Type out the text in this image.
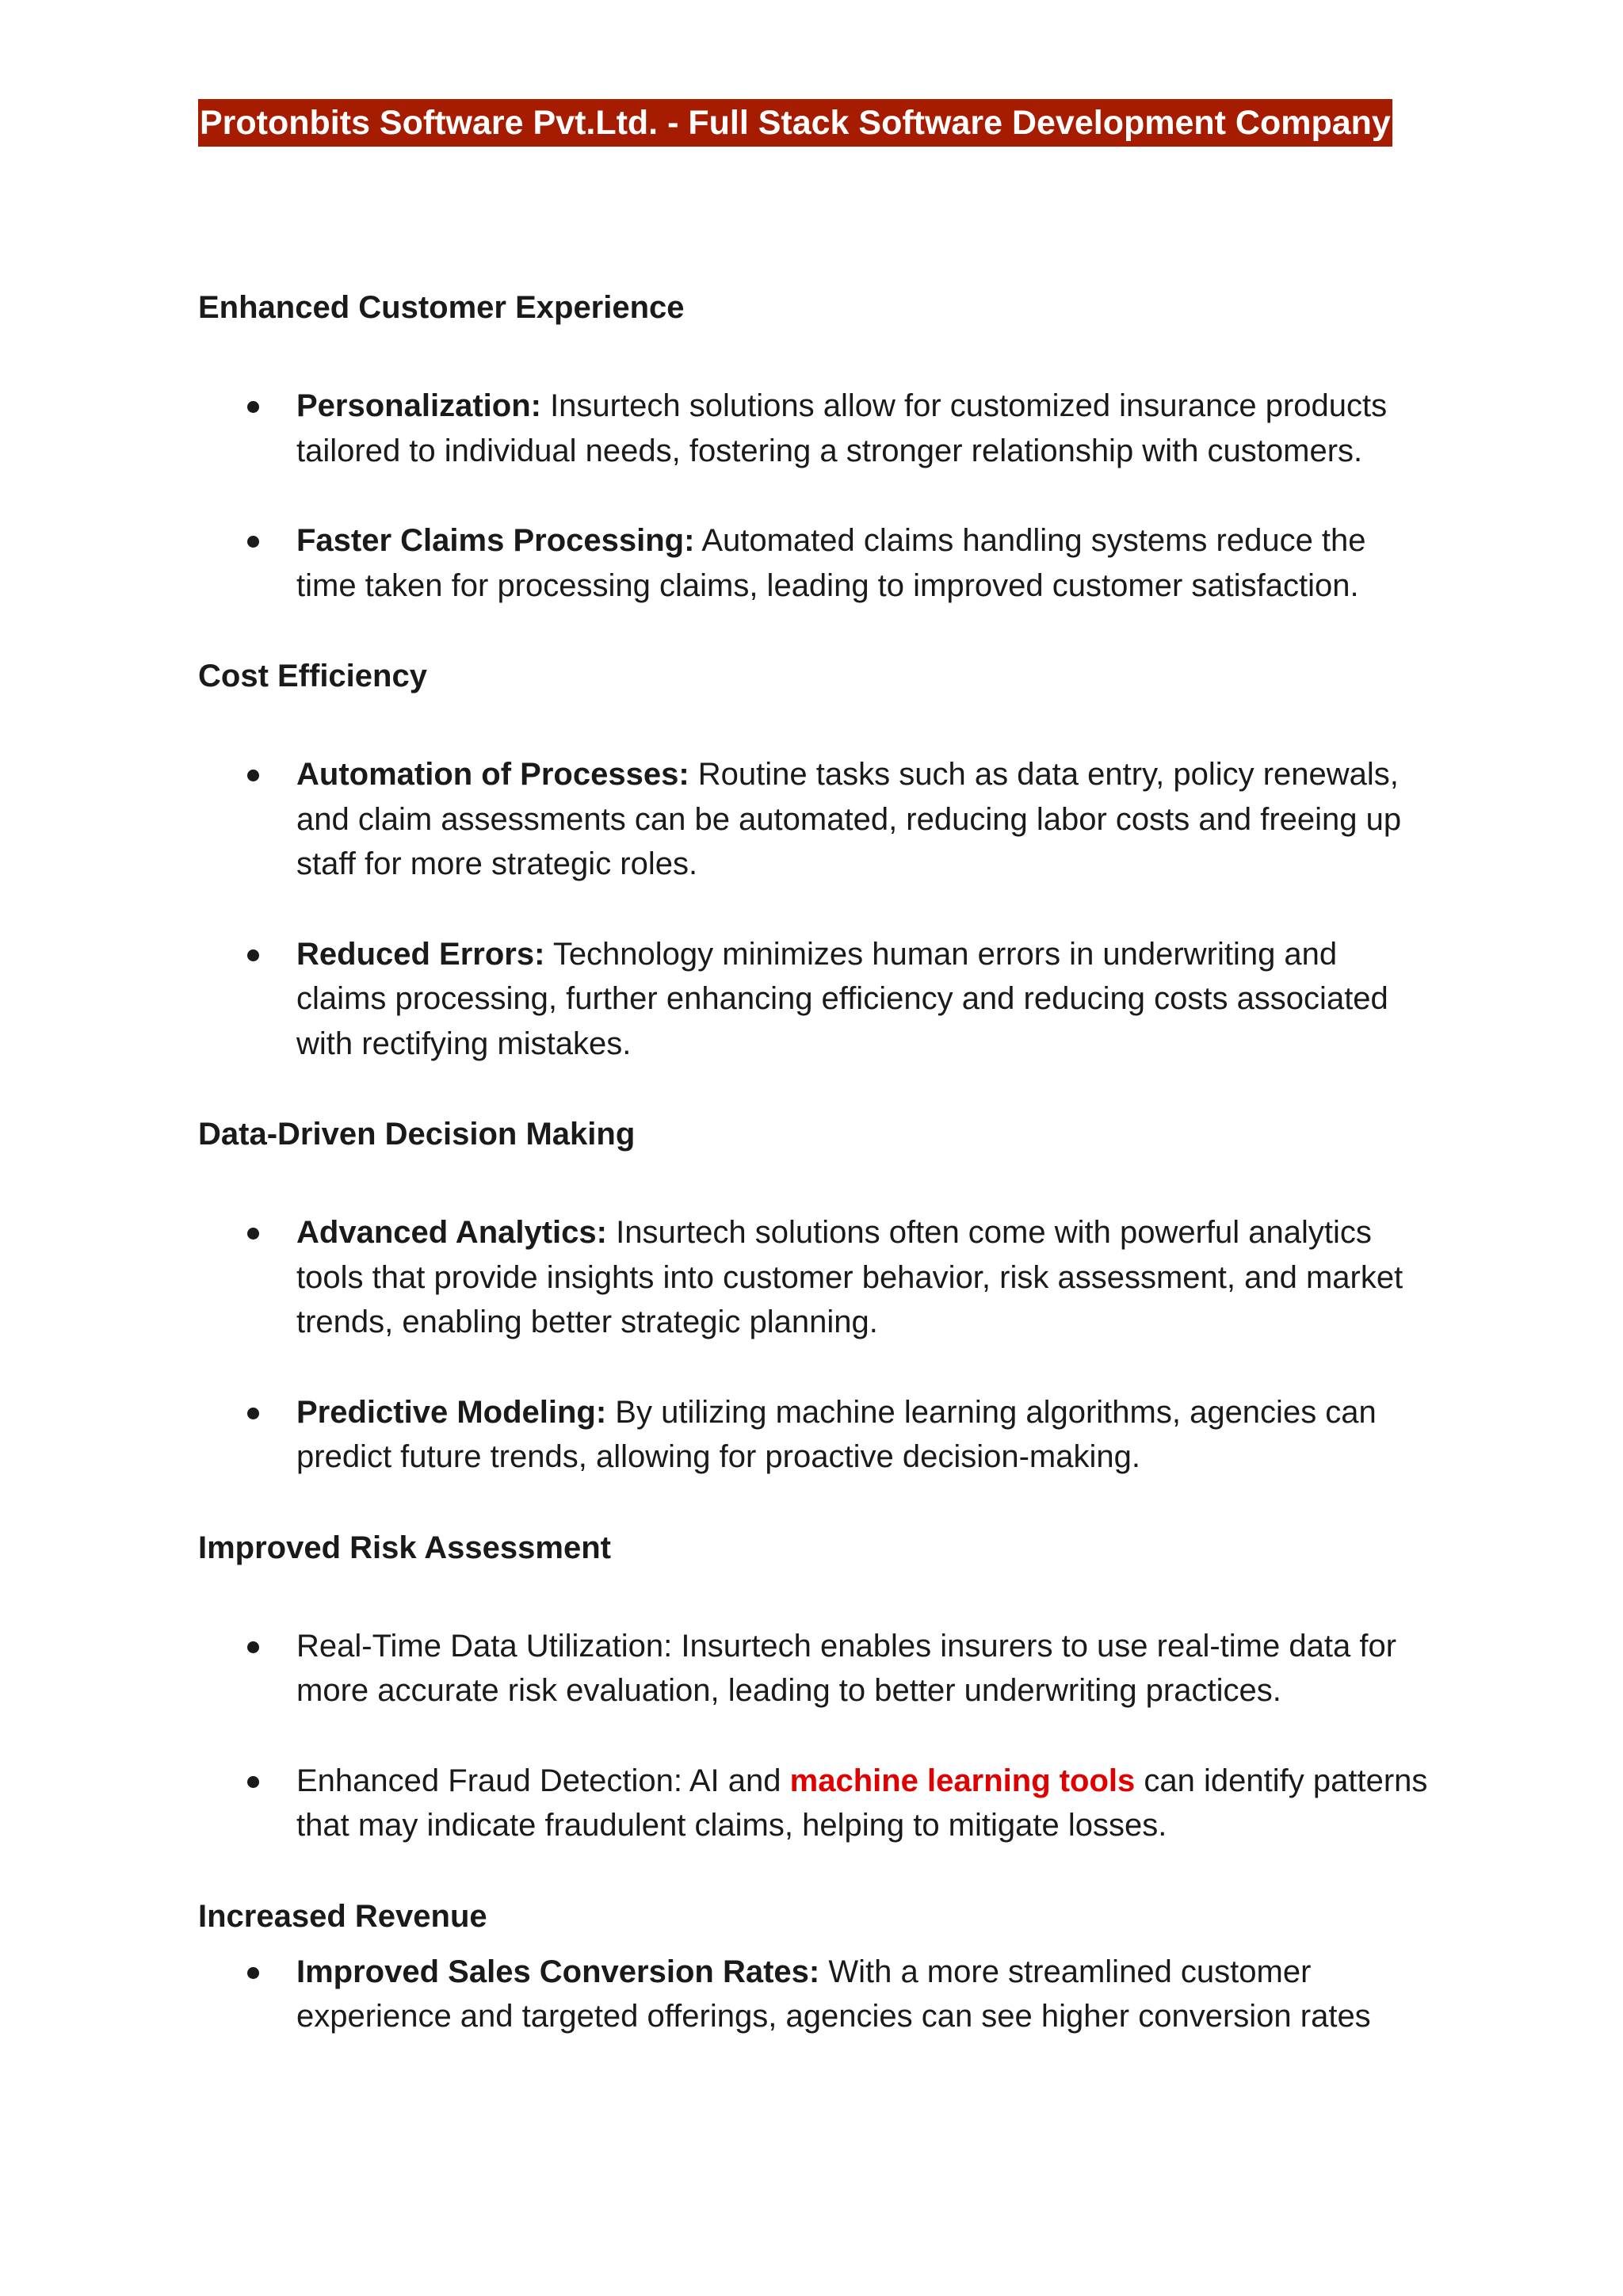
Protonbits Software Pvt.Ltd. - Full Stack Software Development Company
Enhanced Customer Experience
Personalization: Insurtech solutions allow for customized insurance products tailored to individual needs, fostering a stronger relationship with customers.
Faster Claims Processing: Automated claims handling systems reduce the time taken for processing claims, leading to improved customer satisfaction.
Cost Efficiency
Automation of Processes: Routine tasks such as data entry, policy renewals, and claim assessments can be automated, reducing labor costs and freeing up staff for more strategic roles.
Reduced Errors: Technology minimizes human errors in underwriting and claims processing, further enhancing efficiency and reducing costs associated with rectifying mistakes.
Data-Driven Decision Making
Advanced Analytics: Insurtech solutions often come with powerful analytics tools that provide insights into customer behavior, risk assessment, and market trends, enabling better strategic planning.
Predictive Modeling: By utilizing machine learning algorithms, agencies can predict future trends, allowing for proactive decision-making.
Improved Risk Assessment
Real-Time Data Utilization: Insurtech enables insurers to use real-time data for more accurate risk evaluation, leading to better underwriting practices.
Enhanced Fraud Detection: AI and machine learning tools can identify patterns that may indicate fraudulent claims, helping to mitigate losses.
Increased Revenue
Improved Sales Conversion Rates: With a more streamlined customer experience and targeted offerings, agencies can see higher conversion rates
